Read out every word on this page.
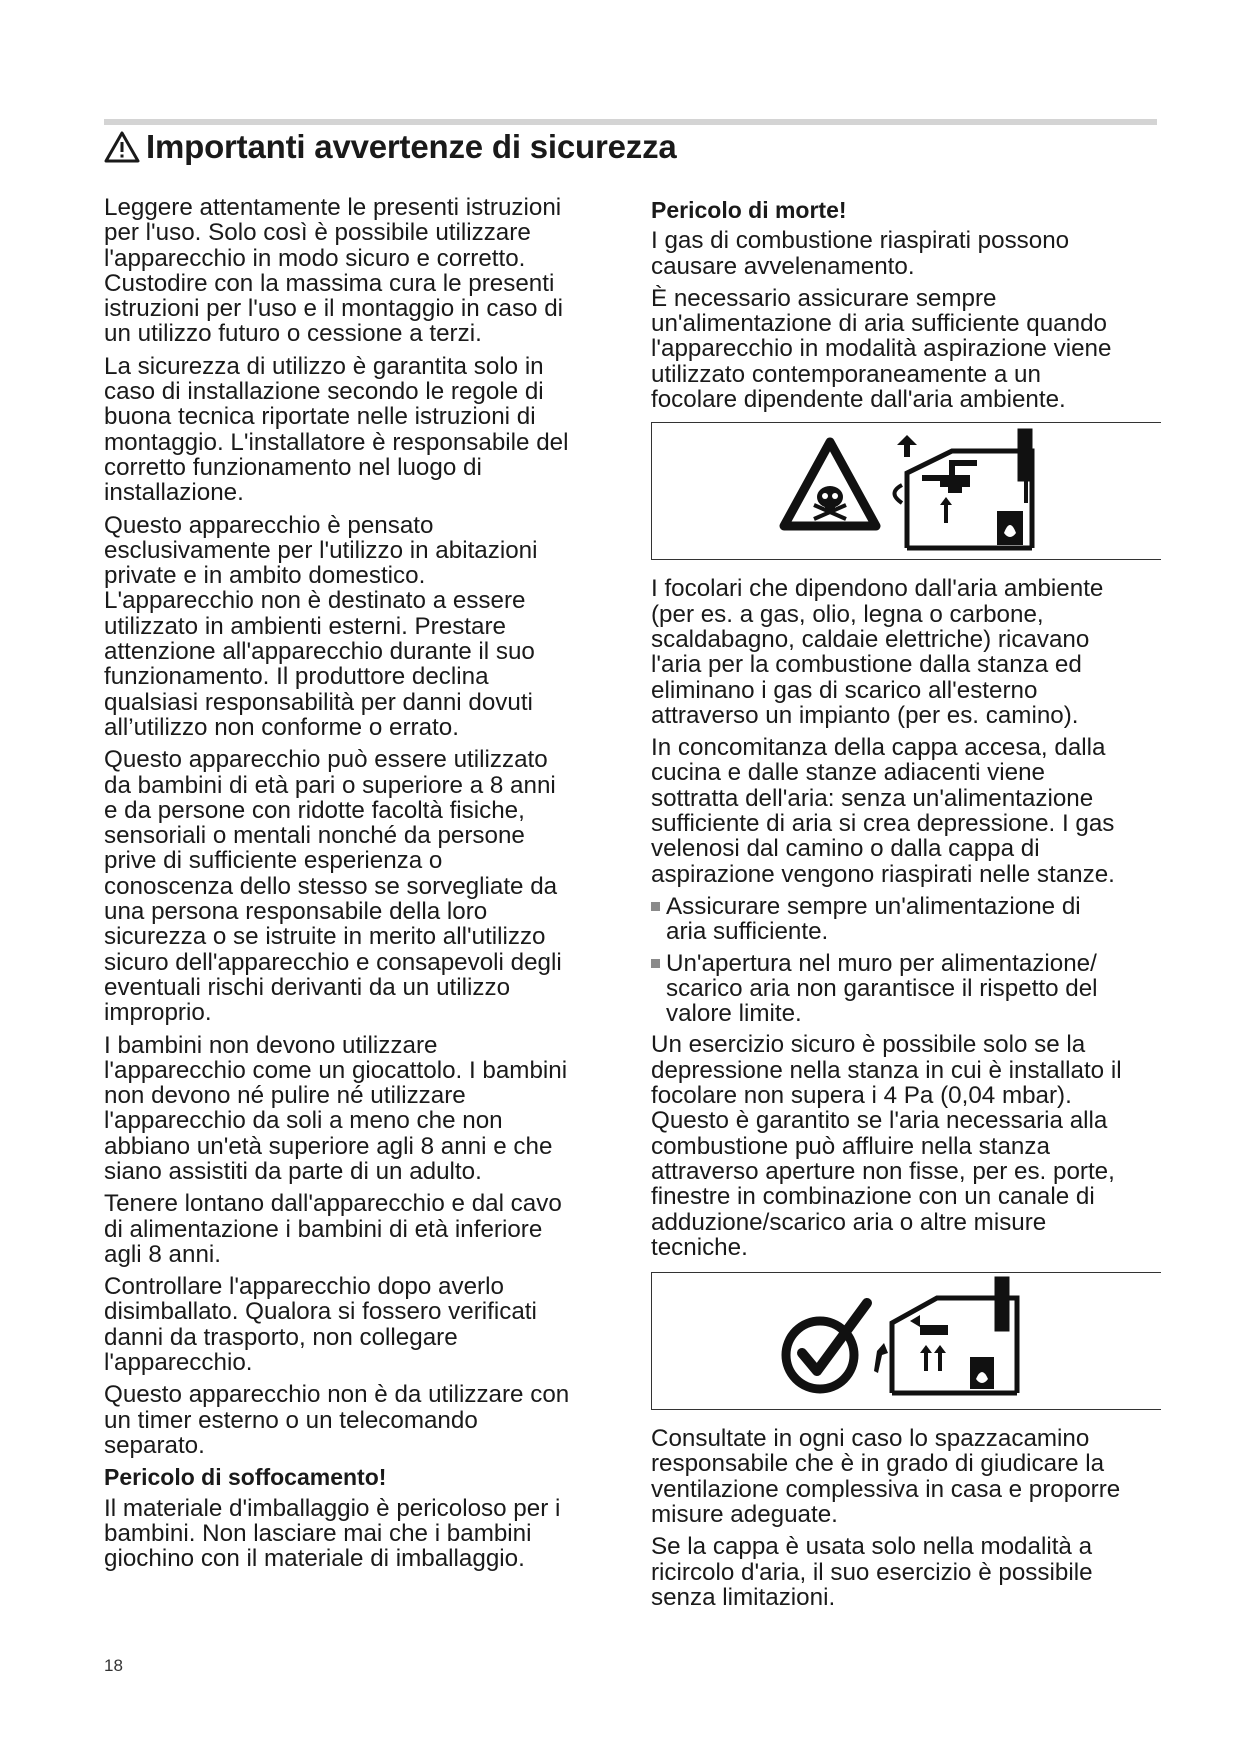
Importanti avvertenze di sicurezza

Leggere attentamente le presenti istruzioni
per l'uso. Solo così è possibile utilizzare
l'apparecchio in modo sicuro e corretto.
Custodire con la massima cura le presenti
istruzioni per l'uso e il montaggio in caso di
un utilizzo futuro o cessione a terzi.

La sicurezza di utilizzo è garantita solo in
caso di installazione secondo le regole di
buona tecnica riportate nelle istruzioni di
montaggio. L'installatore è responsabile del
corretto funzionamento nel luogo di
installazione.

Questo apparecchio è pensato
esclusivamente per l'utilizzo in abitazioni
private e in ambito domestico.
L'apparecchio non è destinato a essere
utilizzato in ambienti esterni. Prestare
attenzione all'apparecchio durante il suo
funzionamento. Il produttore declina
qualsiasi responsabilità per danni dovuti
all’utilizzo non conforme o errato.

Questo apparecchio può essere utilizzato
da bambini di età pari o superiore a 8 anni
e da persone con ridotte facoltà fisiche,
sensoriali o mentali nonché da persone
prive di sufficiente esperienza o
conoscenza dello stesso se sorvegliate da
una persona responsabile della loro
sicurezza o se istruite in merito all'utilizzo
sicuro dell'apparecchio e consapevoli degli
eventuali rischi derivanti da un utilizzo
improprio.

I bambini non devono utilizzare
l'apparecchio come un giocattolo. I bambini
non devono né pulire né utilizzare
l'apparecchio da soli a meno che non
abbiano un'età superiore agli 8 anni e che
siano assistiti da parte di un adulto.

Tenere lontano dall'apparecchio e dal cavo
di alimentazione i bambini di età inferiore
agli 8 anni.

Controllare l'apparecchio dopo averlo
disimballato. Qualora si fossero verificati
danni da trasporto, non collegare
l'apparecchio.

Questo apparecchio non è da utilizzare con
un timer esterno o un telecomando
separato.

Pericolo di soffocamento!

Il materiale d'imballaggio è pericoloso per i
bambini. Non lasciare mai che i bambini
giochino con il materiale di imballaggio.

Pericolo di morte!

I gas di combustione riaspirati possono
causare avvelenamento.

È necessario assicurare sempre
un'alimentazione di aria sufficiente quando
l'apparecchio in modalità aspirazione viene
utilizzato contemporaneamente a un
focolare dipendente dall'aria ambiente.

I focolari che dipendono dall'aria ambiente
(per es. a gas, olio, legna o carbone,
scaldabagno, caldaie elettriche) ricavano
l'aria per la combustione dalla stanza ed
eliminano i gas di scarico all'esterno
attraverso un impianto (per es. camino).

In concomitanza della cappa accesa, dalla
cucina e dalle stanze adiacenti viene
sottratta dell'aria: senza un'alimentazione
sufficiente di aria si crea depressione. I gas
velenosi dal camino o dalla cappa di
aspirazione vengono riaspirati nelle stanze.

Assicurare sempre un'alimentazione di
aria sufficiente.
Un'apertura nel muro per alimentazione/
scarico aria non garantisce il rispetto del
valore limite.

Un esercizio sicuro è possibile solo se la
depressione nella stanza in cui è installato il
focolare non supera i 4 Pa (0,04 mbar).
Questo è garantito se l'aria necessaria alla
combustione può affluire nella stanza
attraverso aperture non fisse, per es. porte,
finestre in combinazione con un canale di
adduzione/scarico aria o altre misure
tecniche.

Consultate in ogni caso lo spazzacamino
responsabile che è in grado di giudicare la
ventilazione complessiva in casa e proporre
misure adeguate.

Se la cappa è usata solo nella modalità a
ricircolo d'aria, il suo esercizio è possibile
senza limitazioni.

18
